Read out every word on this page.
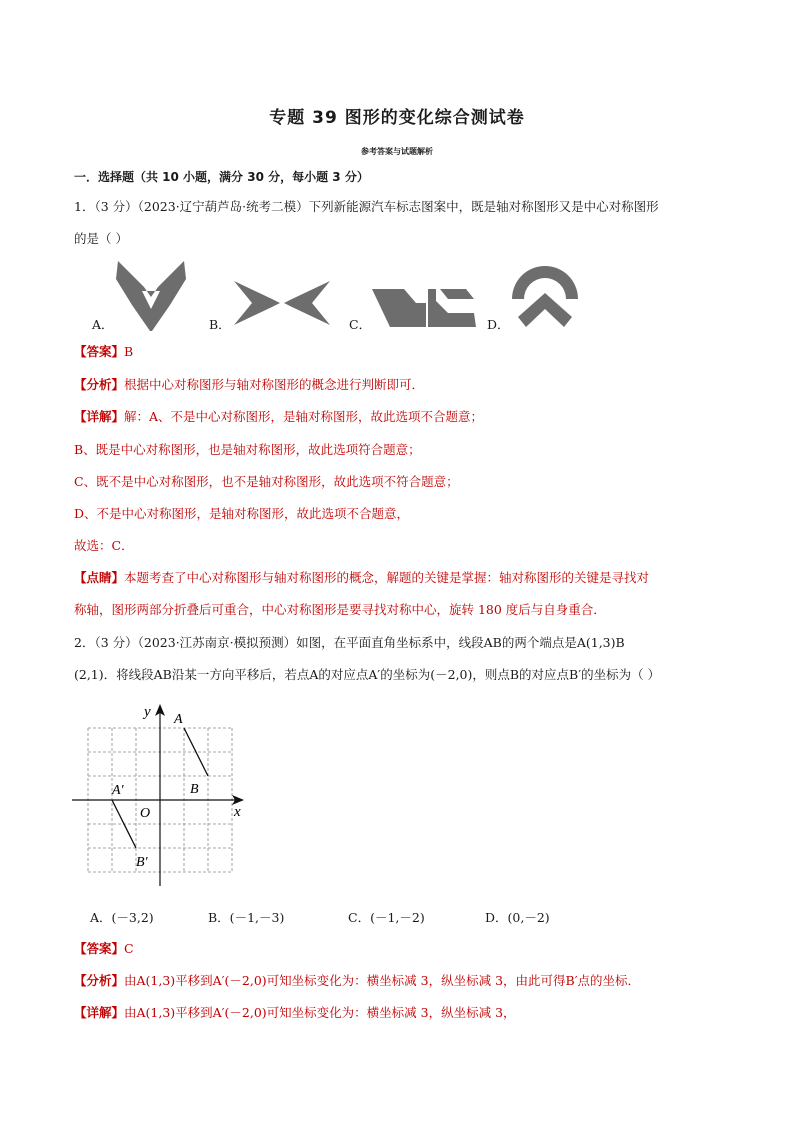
专题 39 图形的变化综合测试卷
参考答案与试题解析
一．选择题（共 10 小题，满分 30 分，每小题 3 分）
1．（3 分）（2023·辽宁葫芦岛·统考二模）下列新能源汽车标志图案中，既是轴对称图形又是中心对称图形
的是（ ）
A．	B．	C．	D．
【答案】B
【分析】根据中心对称图形与轴对称图形的概念进行判断即可．
【详解】解：A、不是中心对称图形，是轴对称图形，故此选项不合题意；
B、既是中心对称图形，也是轴对称图形，故此选项符合题意；
C、既不是中心对称图形，也不是轴对称图形，故此选项不符合题意；
D、不是中心对称图形，是轴对称图形，故此选项不合题意，
故选：C．
【点睛】本题考查了中心对称图形与轴对称图形的概念，解题的关键是掌握：轴对称图形的关键是寻找对
称轴，图形两部分折叠后可重合，中心对称图形是要寻找对称中心，旋转 180 度后与自身重合．
2．（3 分）（2023·江苏南京·模拟预测）如图，在平面直角坐标系中，线段AB的两个端点是A(1,3)B
(2,1)．将线段AB沿某一方向平移后，若点A的对应点A′的坐标为(－2,0)，则点B的对应点B′的坐标为（ ）
y
x
O
A
B
A′
B′
A．(－3,2)	B．(－1,－3)	C．(－1,－2)	D．(0,－2)
【答案】C
【分析】由A(1,3)平移到A′(－2,0)可知坐标变化为：横坐标减 3，纵坐标减 3，由此可得B′点的坐标．
【详解】由A(1,3)平移到A′(－2,0)可知坐标变化为：横坐标减 3，纵坐标减 3，
